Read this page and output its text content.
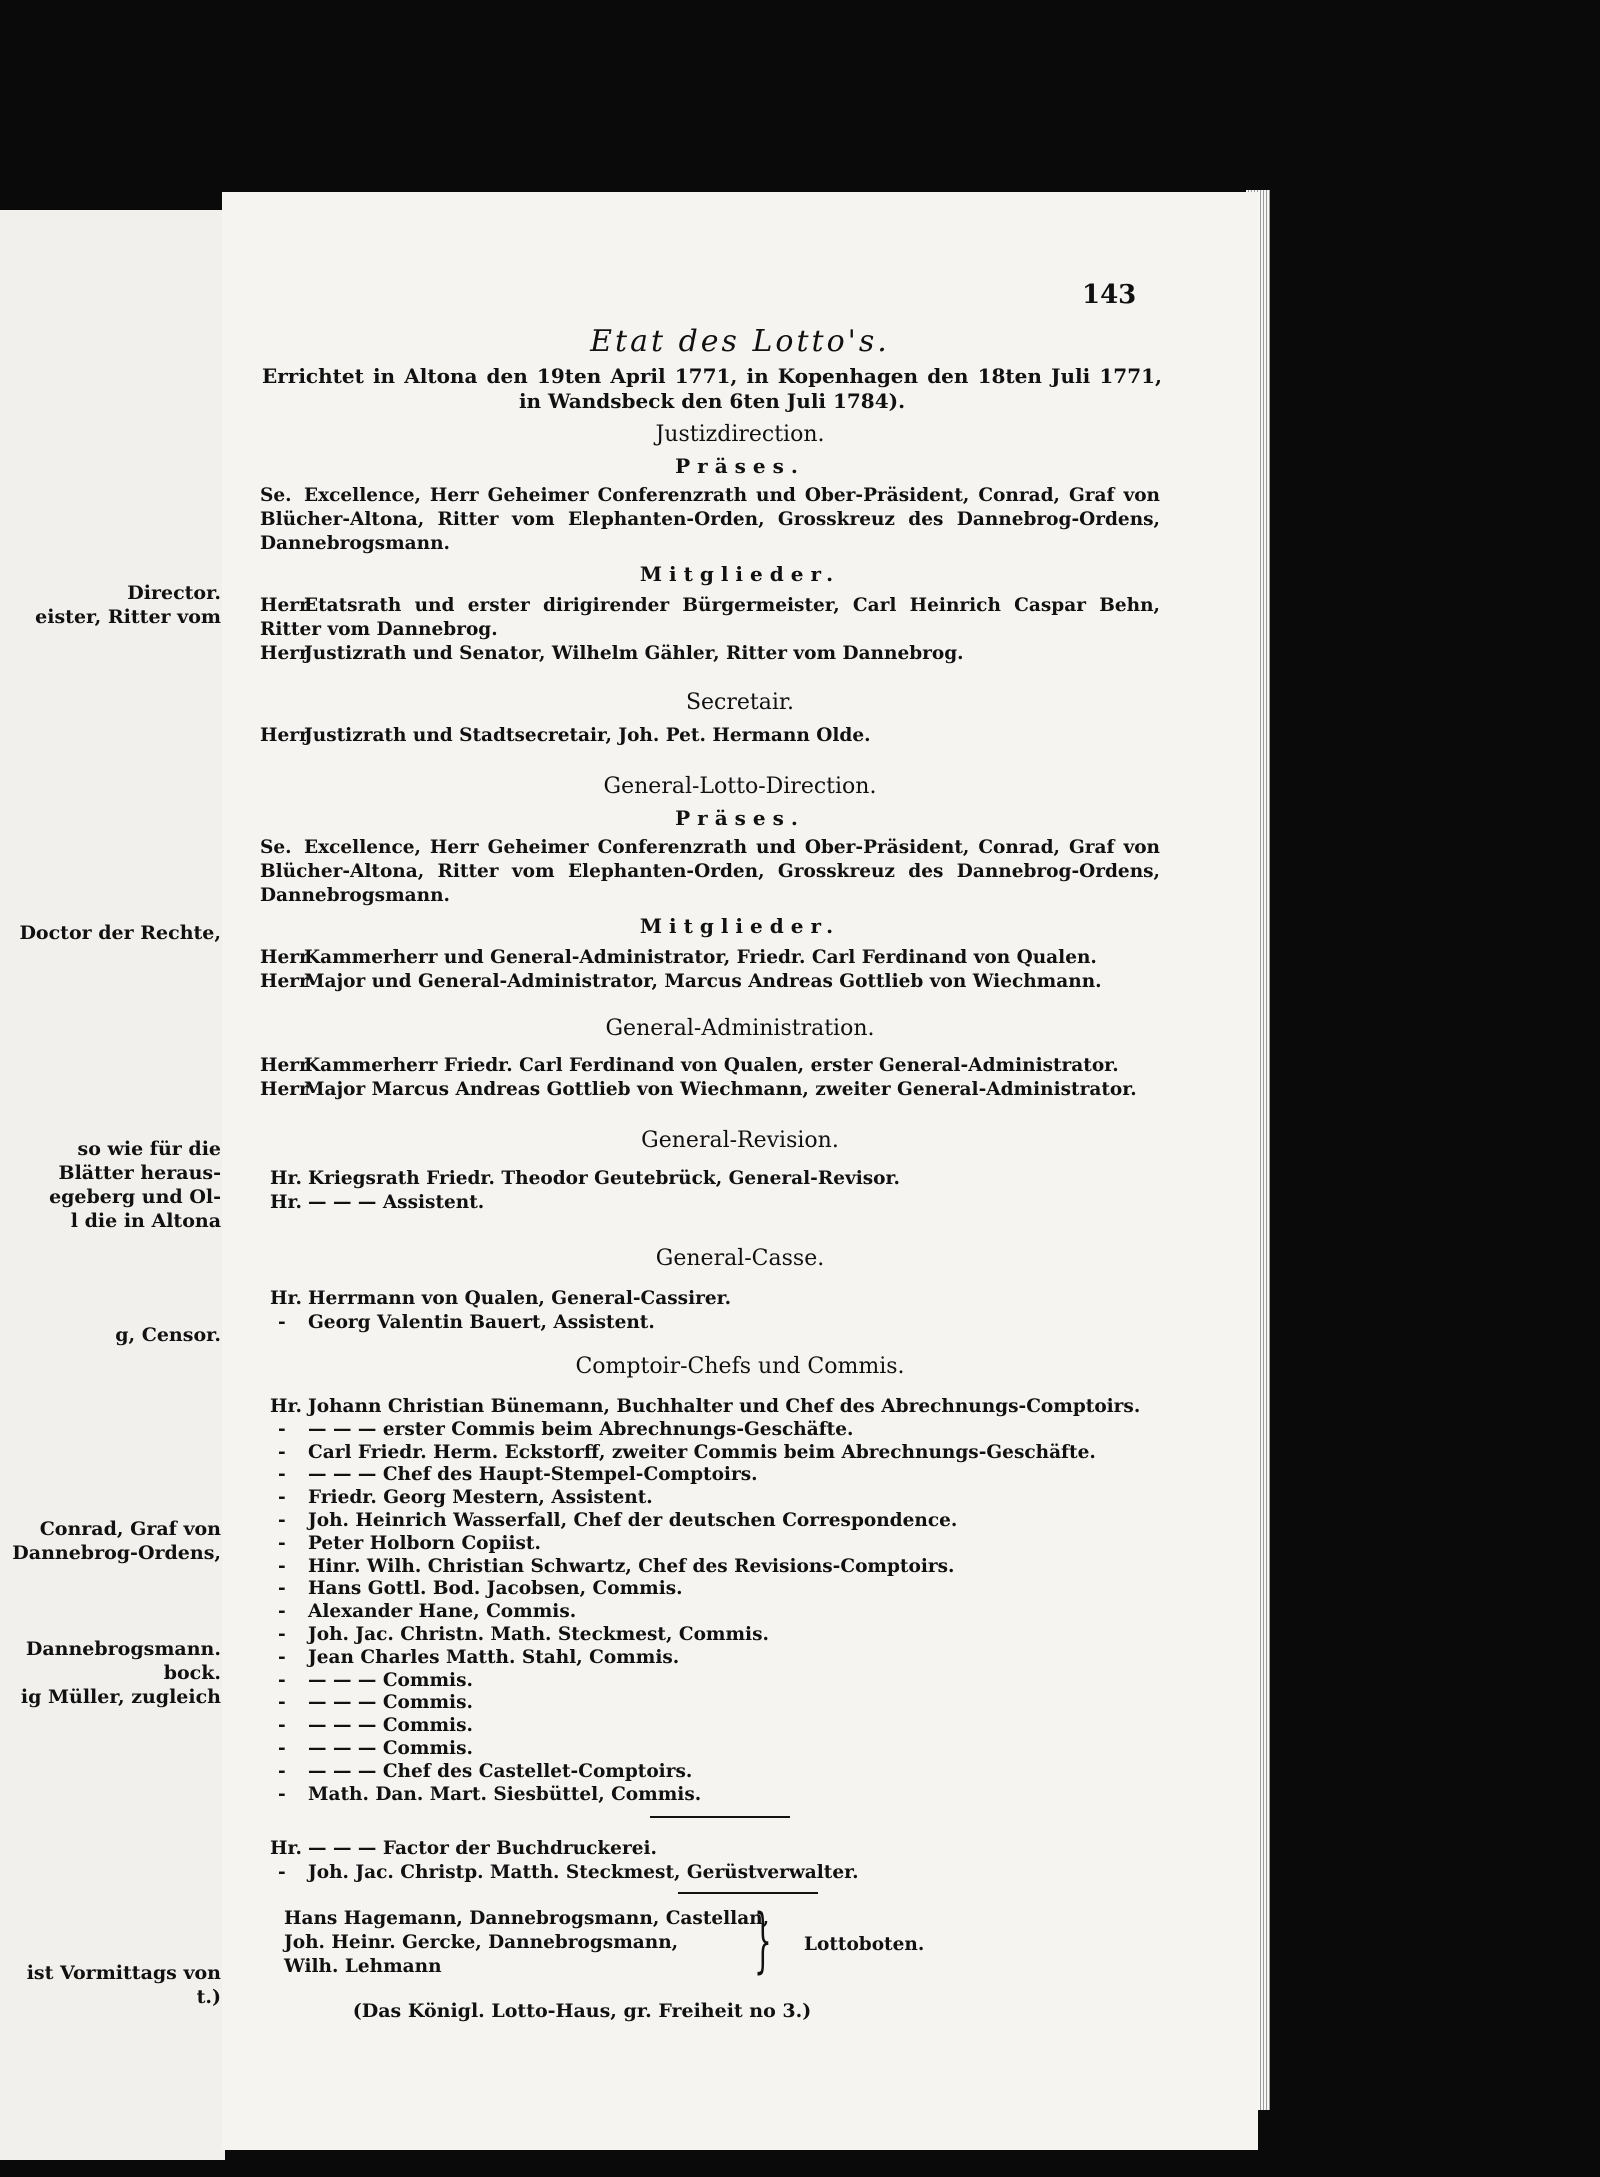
Director.
eister, Ritter vom
Doctor der Rechte,
so wie für die
Blätter heraus-
egeberg und Ol-
l die in Altona
g, Censor.
Conrad, Graf von
Dannebrog-Ordens,
Dannebrogsmann.
bock.
ig Müller, zugleich
ist Vormittags von
t.)
143
Etat des Lotto's.
Errichtet in Altona den 19ten April 1771, in Kopenhagen den 18ten Juli 1771, in Wandsbeck den 6ten Juli 1784).
Justizdirection.
Präses.
Se. Excellence, Herr Geheimer Conferenzrath und Ober-Präsident, Conrad, Graf von Blücher-Altona, Ritter vom Elephanten-Orden, Grosskreuz des Dannebrog-Ordens, Dannebrogsmann.
Mitglieder.
HerrEtatsrath und erster dirigirender Bürgermeister, Carl Heinrich Caspar Behn, Ritter vom Dannebrog.
HerrJustizrath und Senator, Wilhelm Gähler, Ritter vom Dannebrog.
Secretair.
HerrJustizrath und Stadtsecretair, Joh. Pet. Hermann Olde.
General-Lotto-Direction.
Präses.
Se. Excellence, Herr Geheimer Conferenzrath und Ober-Präsident, Conrad, Graf von Blücher-Altona, Ritter vom Elephanten-Orden, Grosskreuz des Dannebrog-Ordens, Dannebrogsmann.
Mitglieder.
HerrKammerherr und General-Administrator, Friedr. Carl Ferdinand von Qualen.
HerrMajor und General-Administrator, Marcus Andreas Gottlieb von Wiechmann.
General-Administration.
HerrKammerherr Friedr. Carl Ferdinand von Qualen, erster General-Administrator.
HerrMajor Marcus Andreas Gottlieb von Wiechmann, zweiter General-Administrator.
General-Revision.
Hr. Kriegsrath Friedr. Theodor Geutebrück, General-Revisor.
Hr. — — — Assistent.
General-Casse.
Hr. Herrmann von Qualen, General-Cassirer.
- Georg Valentin Bauert, Assistent.
Comptoir-Chefs und Commis.
Hr. Johann Christian Bünemann, Buchhalter und Chef des Abrechnungs-Comptoirs.
- — — — erster Commis beim Abrechnungs-Geschäfte.
- Carl Friedr. Herm. Eckstorff, zweiter Commis beim Abrechnungs-Geschäfte.
- — — — Chef des Haupt-Stempel-Comptoirs.
- Friedr. Georg Mestern, Assistent.
- Joh. Heinrich Wasserfall, Chef der deutschen Correspondence.
- Peter Holborn Copiist.
- Hinr. Wilh. Christian Schwartz, Chef des Revisions-Comptoirs.
- Hans Gottl. Bod. Jacobsen, Commis.
- Alexander Hane, Commis.
- Joh. Jac. Christn. Math. Steckmest, Commis.
- Jean Charles Matth. Stahl, Commis.
- — — — Commis.
- — — — Commis.
- — — — Commis.
- — — — Commis.
- — — — Chef des Castellet-Comptoirs.
- Math. Dan. Mart. Siesbüttel, Commis.
Hr. — — — Factor der Buchdruckerei.
- Joh. Jac. Christp. Matth. Steckmest, Gerüstverwalter.
Hans Hagemann, Dannebrogsmann, Castellan,
Joh. Heinr. Gercke, Dannebrogsmann,
Wilh. Lehmann	} Lottoboten.
(Das Königl. Lotto-Haus, gr. Freiheit no 3.)
